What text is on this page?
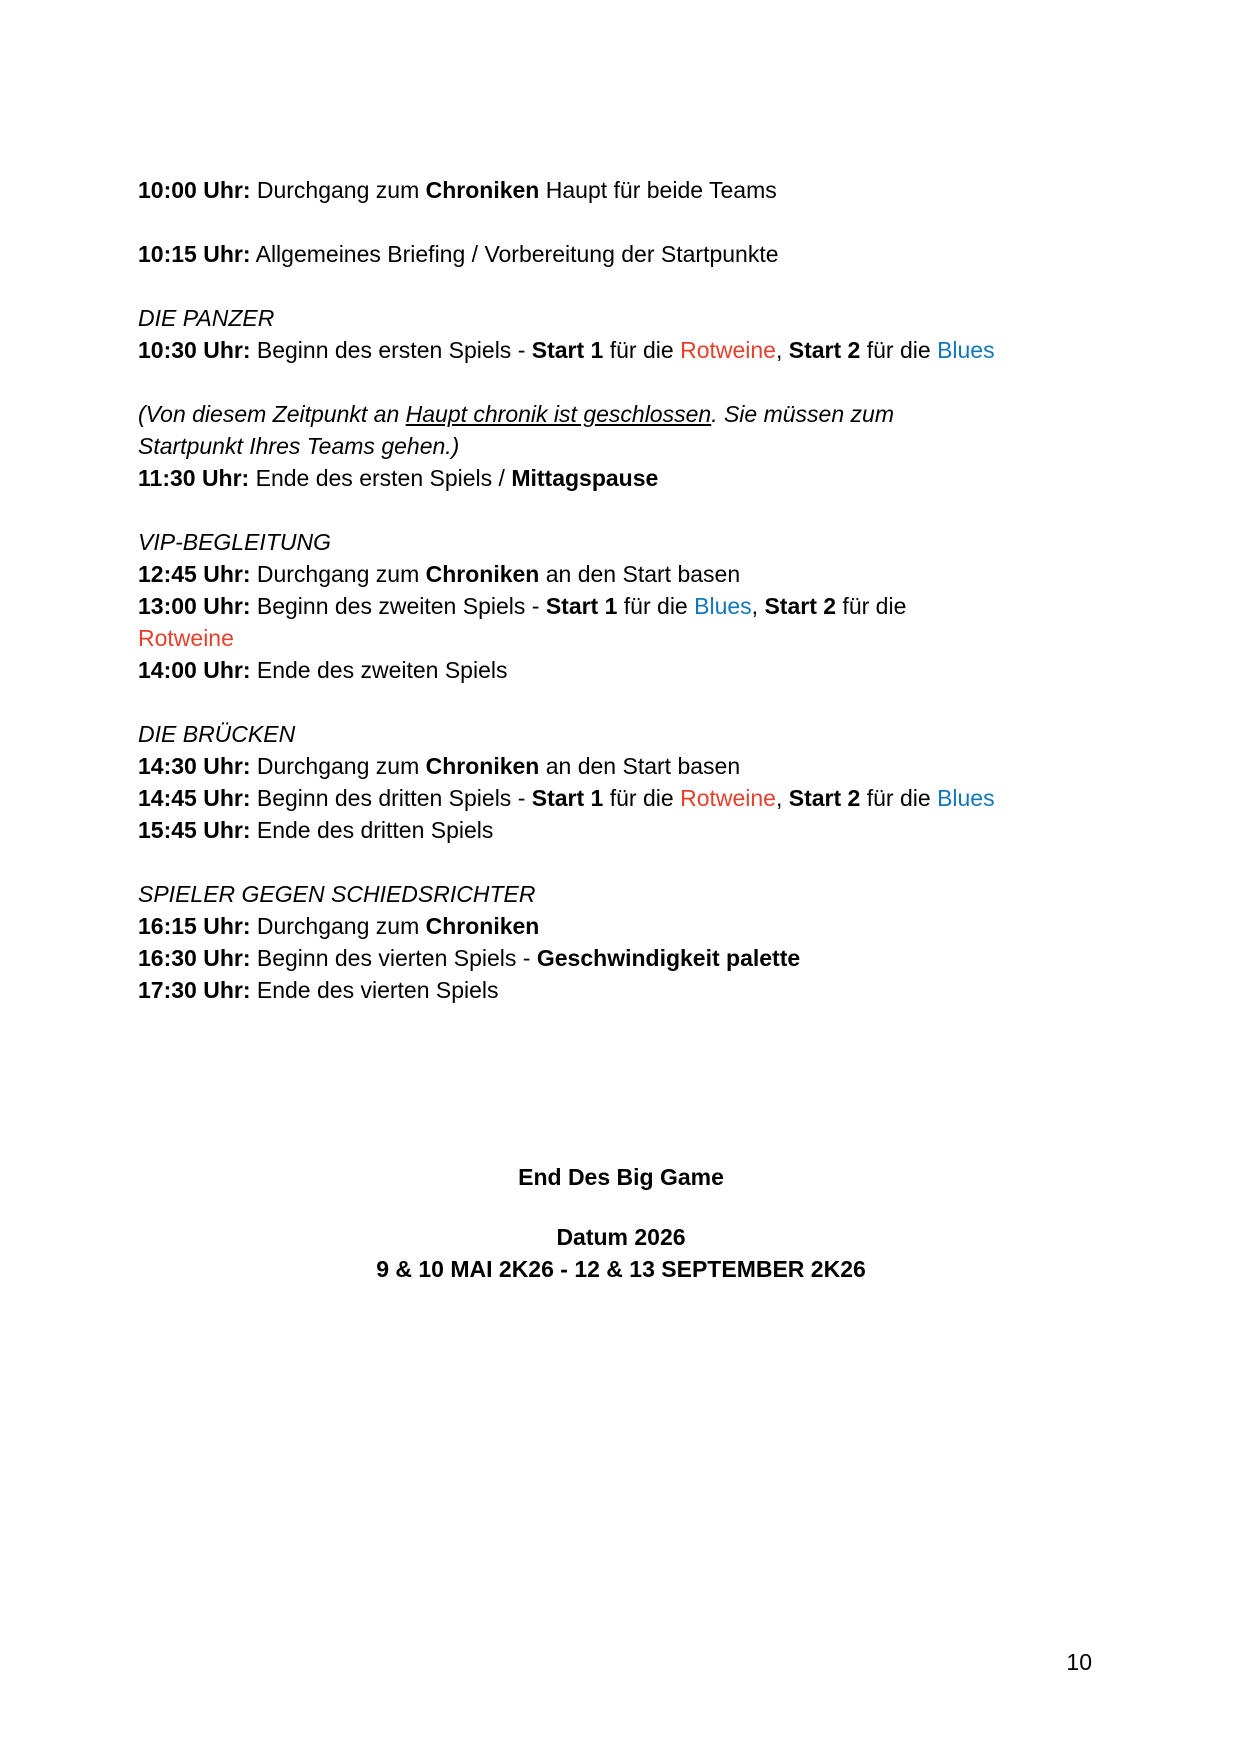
10:00 Uhr: Durchgang zum Chroniken Haupt für beide Teams
10:15 Uhr: Allgemeines Briefing / Vorbereitung der Startpunkte
DIE PANZER
10:30 Uhr: Beginn des ersten Spiels - Start 1 für die Rotweine, Start 2 für die Blues
(Von diesem Zeitpunkt an Haupt chronik ist geschlossen. Sie müssen zum
Startpunkt Ihres Teams gehen.)
11:30 Uhr: Ende des ersten Spiels / Mittagspause
VIP-BEGLEITUNG
12:45 Uhr: Durchgang zum Chroniken an den Start basen
13:00 Uhr: Beginn des zweiten Spiels - Start 1 für die Blues, Start 2 für die
Rotweine
14:00 Uhr: Ende des zweiten Spiels
DIE BRÜCKEN
14:30 Uhr: Durchgang zum Chroniken an den Start basen
14:45 Uhr: Beginn des dritten Spiels - Start 1 für die Rotweine, Start 2 für die Blues
15:45 Uhr: Ende des dritten Spiels
SPIELER GEGEN SCHIEDSRICHTER
16:15 Uhr: Durchgang zum Chroniken
16:30 Uhr: Beginn des vierten Spiels - Geschwindigkeit palette
17:30 Uhr: Ende des vierten Spiels
End Des Big Game
Datum 2026
9 & 10 MAI 2K26 - 12 & 13 SEPTEMBER 2K26
10
